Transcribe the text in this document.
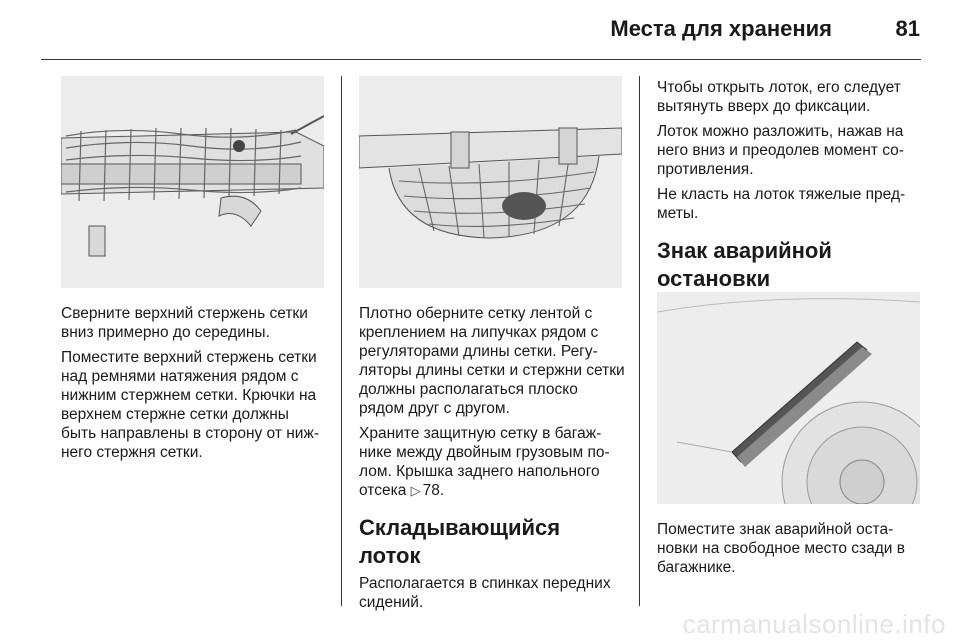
Места для хранения	81

Сверните верхний стержень сетки вниз примерно до середины.

Поместите верхний стержень сетки над ремнями натяжения рядом с нижним стержнем сетки. Крючки на верхнем стержне сетки должны быть направлены в сторону от нижнего стержня сетки.

Плотно оберните сетку лентой с креплением на липучках рядом с регуляторами длины сетки. Регуляторы длины сетки и стержни сетки должны располагаться плоско рядом друг с другом.

Храните защитную сетку в багажнике между двойным грузовым полом. Крышка заднего напольного отсека ▷ 78.

Складывающийся лоток

Располагается в спинках передних сидений.

Чтобы открыть лоток, его следует вытянуть вверх до фиксации.

Лоток можно разложить, нажав на него вниз и преодолев момент сопротивления.

Не класть на лоток тяжелые предметы.

Знак аварийной остановки

Поместите знак аварийной остановки на свободное место сзади в багажнике.

carmanualsonline.info
